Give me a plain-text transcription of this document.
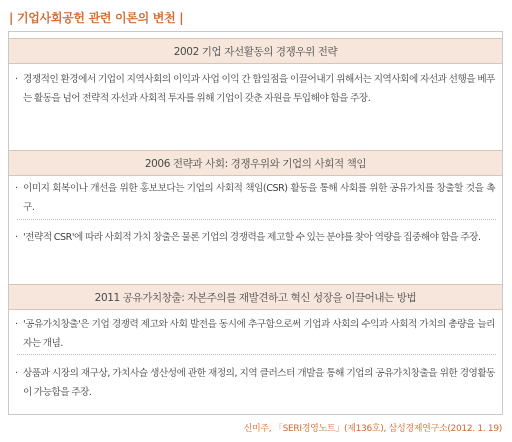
| 기업사회공헌 관련 이론의 변천 |
2002 기업 자선활동의 경쟁우위 전략
· 경쟁적인 환경에서 기업이 지역사회의 이익과 사업 이익 간 합일점을 이끌어내기 위해서는 지역사회에 자선과 선행을 베푸는 활동을 넘어 전략적 자선과 사회적 투자를 위해 기업이 갖춘 자원을 투입해야 함을 주장.
2006 전략과 사회: 경쟁우위와 기업의 사회적 책임
· 이미지 회복이나 개선을 위한 홍보보다는 기업의 사회적 책임(CSR) 활동을 통해 사회를 위한 공유가치를 창출할 것을 촉구.
· '전략적 CSR'에 따라 사회적 가치 창출은 물론 기업의 경쟁력을 제고할 수 있는 분야를 찾아 역량을 집중해야 함을 주장.
2011 공유가치창출: 자본주의를 재발견하고 혁신 성장을 이끌어내는 방법
· '공유가치창출'은 기업 경쟁력 제고와 사회 발전을 동시에 추구함으로써 기업과 사회의 수익과 사회적 가치의 총량을 늘리자는 개념.
· 상품과 시장의 재구상, 가치사슬 생산성에 관한 재정의, 지역 클러스터 개발을 통해 기업의 공유가치창출을 위한 경영활동이 가능함을 주장.
신미주, 「SERI경영노트」(제136호), 삼성경제연구소(2012. 1. 19)
